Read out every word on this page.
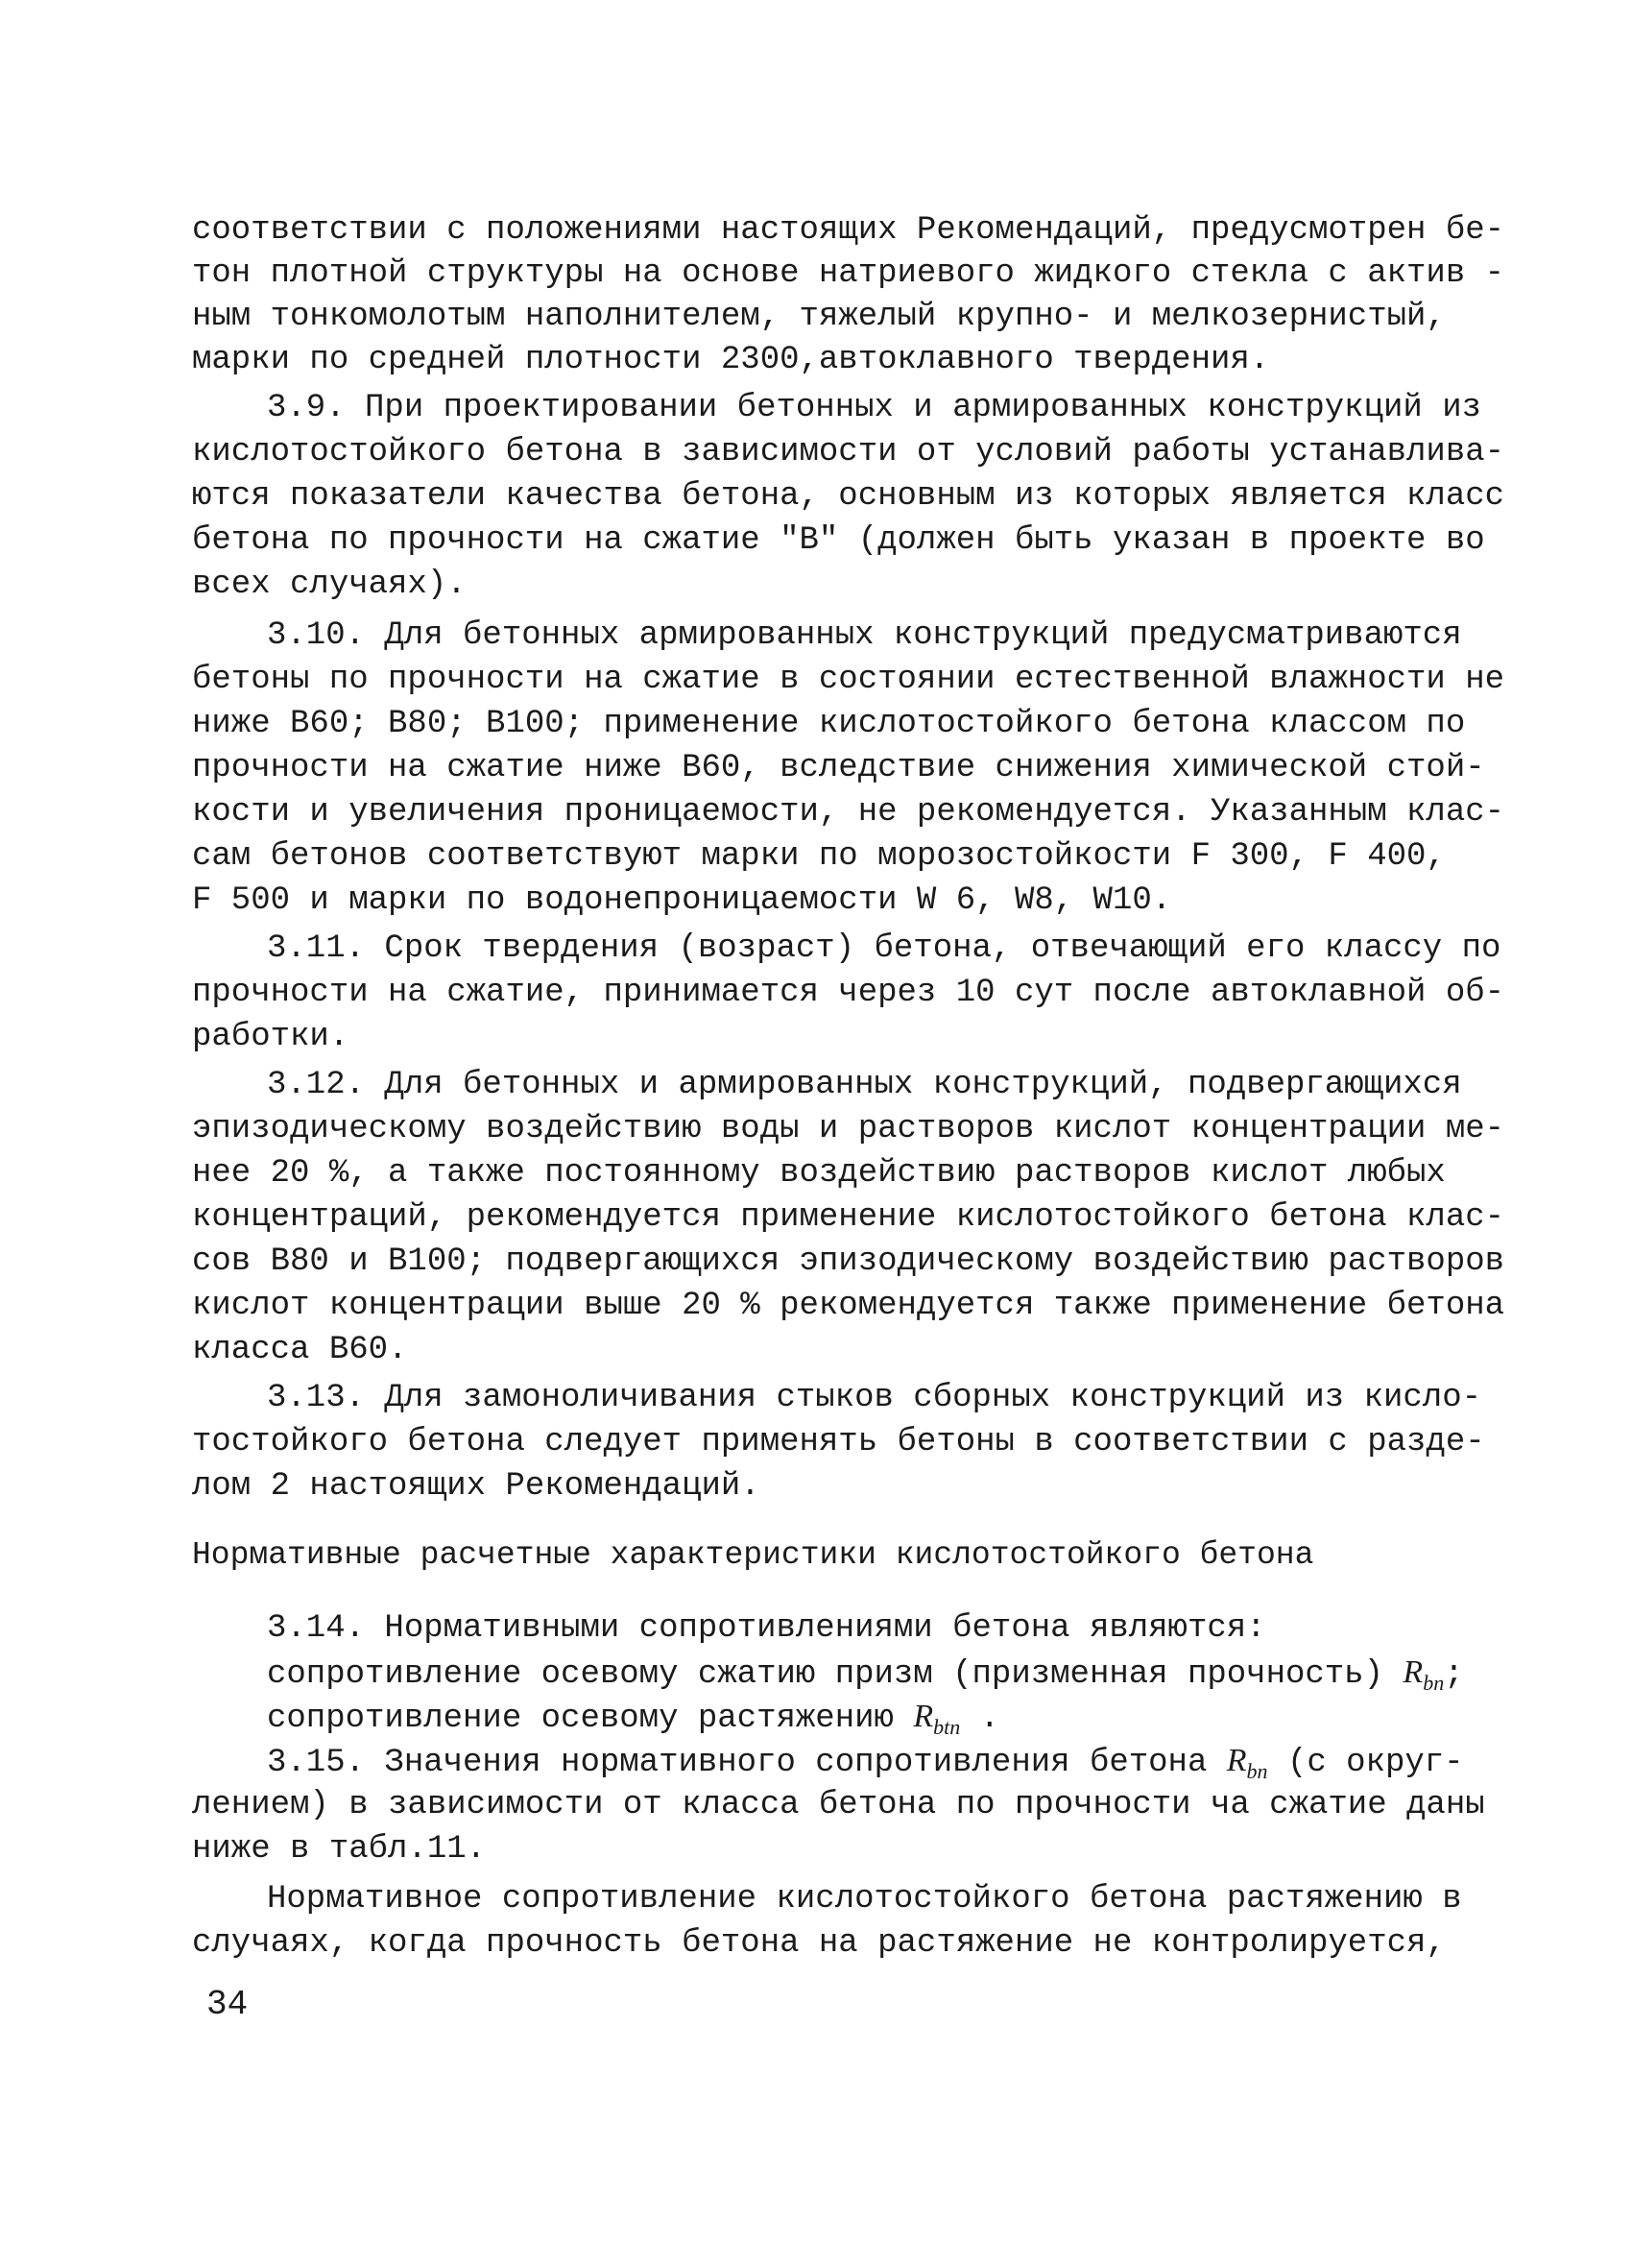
соответствии с положениями настоящих Рекомендаций, предусмотрен бе-
тон плотной структуры на основе натриевого жидкого стекла с актив -
ным тонкомолотым наполнителем, тяжелый крупно- и мелкозернистый,
марки по средней плотности 2300,автоклавного твердения.
3.9. При проектировании бетонных и армированных конструкций из
кислотостойкого бетона в зависимости от условий работы устанавлива-
ются показатели качества бетона, основным из которых является класс
бетона по прочности на сжатие "В" (должен быть указан в проекте во
всех случаях).
3.10. Для бетонных армированных конструкций предусматриваются
бетоны по прочности на сжатие в состоянии естественной влажности не
ниже В60; В80; В100; применение кислотостойкого бетона классом по
прочности на сжатие ниже В60, вследствие снижения химической стой-
кости и увеличения проницаемости, не рекомендуется. Указанным клас-
сам бетонов соответствуют марки по морозостойкости F 300, F 400,
F 500 и марки по водонепроницаемости W 6, W8, W10.
3.11. Срок твердения (возраст) бетона, отвечающий его классу по
прочности на сжатие, принимается через 10 сут после автоклавной об-
работки.
3.12. Для бетонных и армированных конструкций, подвергающихся
эпизодическому воздействию воды и растворов кислот концентрации ме-
нее 20 %, а также постоянному воздействию растворов кислот любых
концентраций, рекомендуется применение кислотостойкого бетона клас-
сов В80 и В100; подвергающихся эпизодическому воздействию растворов
кислот концентрации выше 20 % рекомендуется также применение бетона
класса В60.
3.13. Для замоноличивания стыков сборных конструкций из кисло-
тостойкого бетона следует применять бетоны в соответствии с разде-
лом 2 настоящих Рекомендаций.
Нормативные расчетные характеристики кислотостойкого бетона
3.14. Нормативными сопротивлениями бетона являются:
сопротивление осевому сжатию призм (призменная прочность) $R_{bn}$;
сопротивление осевому растяжению $R_{btn}$ .
3.15. Значения нормативного сопротивления бетона $R_{bn}$ (с округ-
лением) в зависимости от класса бетона по прочности ча сжатие даны
ниже в табл.11.
Нормативное сопротивление кислотостойкого бетона растяжению в
случаях, когда прочность бетона на растяжение не контролируется,
34
